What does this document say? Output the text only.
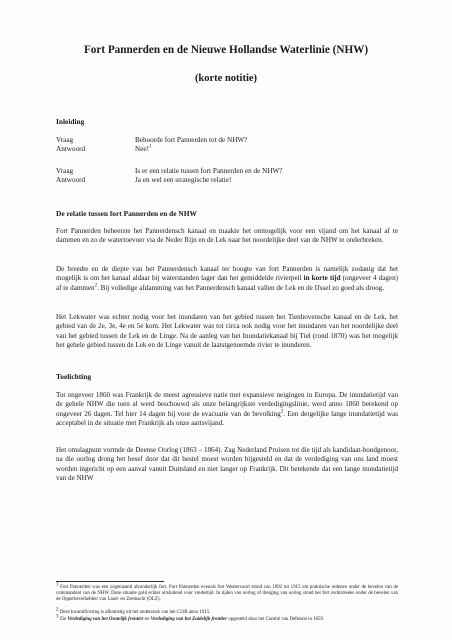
Fort Pannerden en de Nieuwe Hollandse Waterlinie (NHW)
(korte notitie)
Inleiding
Vraag	Behoorde fort Pannerden tot de NHW?
Antwoord	Nee!$^1$
Vraag	Is er een relatie tussen fort Pannerden en de NHW?
Antwoord	Ja en wel een strategische relatie!
De relatie tussen fort Pannerden en de NHW
Fort Pannerden beheerste het Pannerdensch kanaal en maakte het onmogelijk voor een vijand om het kanaal af te dammen en zo de watertoevoer via de Neder Rijn en de Lek naar het noordelijke deel van de NHW te onderbreken.
De breedte en de diepte van het Pannerdensch kanaal ter hoogte van fort Pannerden is namelijk zodanig dat het mogelijk is om het kanaal aldaar bij waterstanden lager dan het gemiddelde rivierpeil in korte tijd (ongeveer 4 dagen) af te dammen$^2$. Bij volledige afdamming van het Pannerdensch kanaal vallen de Lek en de IJssel zo goed als droog.
Het Lekwater was echter nodig voor het inundaren van het gebied tussen het Tienhovensche kanaal en de Lek, het gebied van de 2e, 3e, 4e en 5e kom. Het Lekwater was tot circa ook nodig voor het inundaren van het noordelijke deel van het gebied tussen de Lek en de Linge. Na de aanleg van het Inundatiekanaal bij Tiel (rond 1870) was het mogelijk het gehele gebied tussen de Lek en de Linge vanuit de laatstgenoemde rivier te inunderen.
Toelichting
Tot ongeveer 1860 was Frankrijk de meest agressieve natie met expansieve neigingen in Europa. De inundatietijd van de gehele NHW die toen al werd beschouwd als onze belangrijkste verdedigingslinie, werd anno 1860 berekend op ongeveer 26 dagen. Tel hier 14 dagen bij voor de evacuatie van de bevolking$^3$. Een dergelijke lange inundatietijd was acceptabel in de situatie met Frankrijk als onze aartsvijand.
Het omslagpunt vormde de Deense Oorlog (1863 – 1864). Zag Nederland Pruisen tot die tijd als kandidaat-bondgenoot, na die oorlog drong het besef door dat dit bestel moest worden bijgesteld en dat de verdediging van ons land moest worden ingericht op een aanval vanuit Duitsland en niet langer op Frankrijk. Dit betekende dat een lange inundatietijd van de NHW
$^1$ Fort Pannerden was een zogenaamd afzonderlijk fort. Fort Pannerden evenals fort Westervoort stond van 1892 tot 1915 om praktische redenen onder de bevelen van de commandant van de NHW. Deze situatie gold echter uitsluitend voor vredestijd. In tijden van oorlog of dreiging van oorlog stond het fort rechtstreeks onder de bevelen van de Opperbevelhebber van Land- en Zeemacht (OLZ).
$^2$ Deze kwantificering is afkomstig uit het onderzoek van het CJ1B anno 1915.
$^3$ Zie Verdediging van het Oostelijk frontier en Verdediging van het Zuidelijk frontier opgesteld door het Comité van Defensie in 1859.
